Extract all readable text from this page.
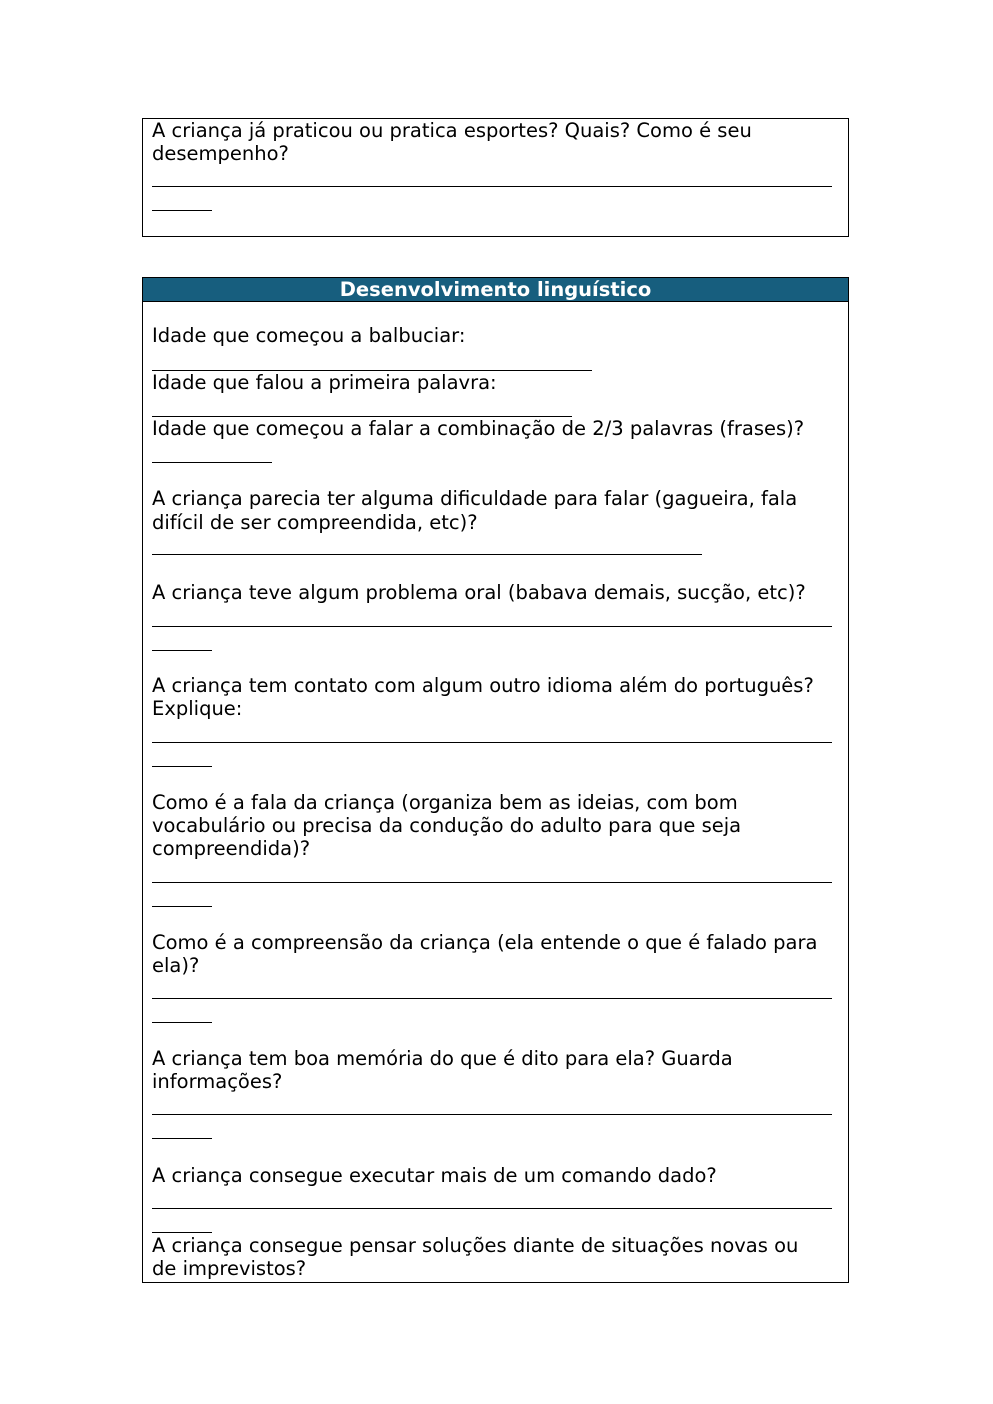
A criança já praticou ou pratica esportes? Quais? Como é seu
desempenho?
Desenvolvimento linguístico
Idade que começou a balbuciar:
Idade que falou a primeira palavra:
Idade que começou a falar a combinação de 2/3 palavras (frases)?
A criança parecia ter alguma dificuldade para falar (gagueira, fala
difícil de ser compreendida, etc)?
A criança teve algum problema oral (babava demais, sucção, etc)?
A criança tem contato com algum outro idioma além do português?
Explique:
Como é a fala da criança (organiza bem as ideias, com bom
vocabulário ou precisa da condução do adulto para que seja
compreendida)?
Como é a compreensão da criança (ela entende o que é falado para
ela)?
A criança tem boa memória do que é dito para ela? Guarda
informações?
A criança consegue executar mais de um comando dado?
A criança consegue pensar soluções diante de situações novas ou
de imprevistos?
